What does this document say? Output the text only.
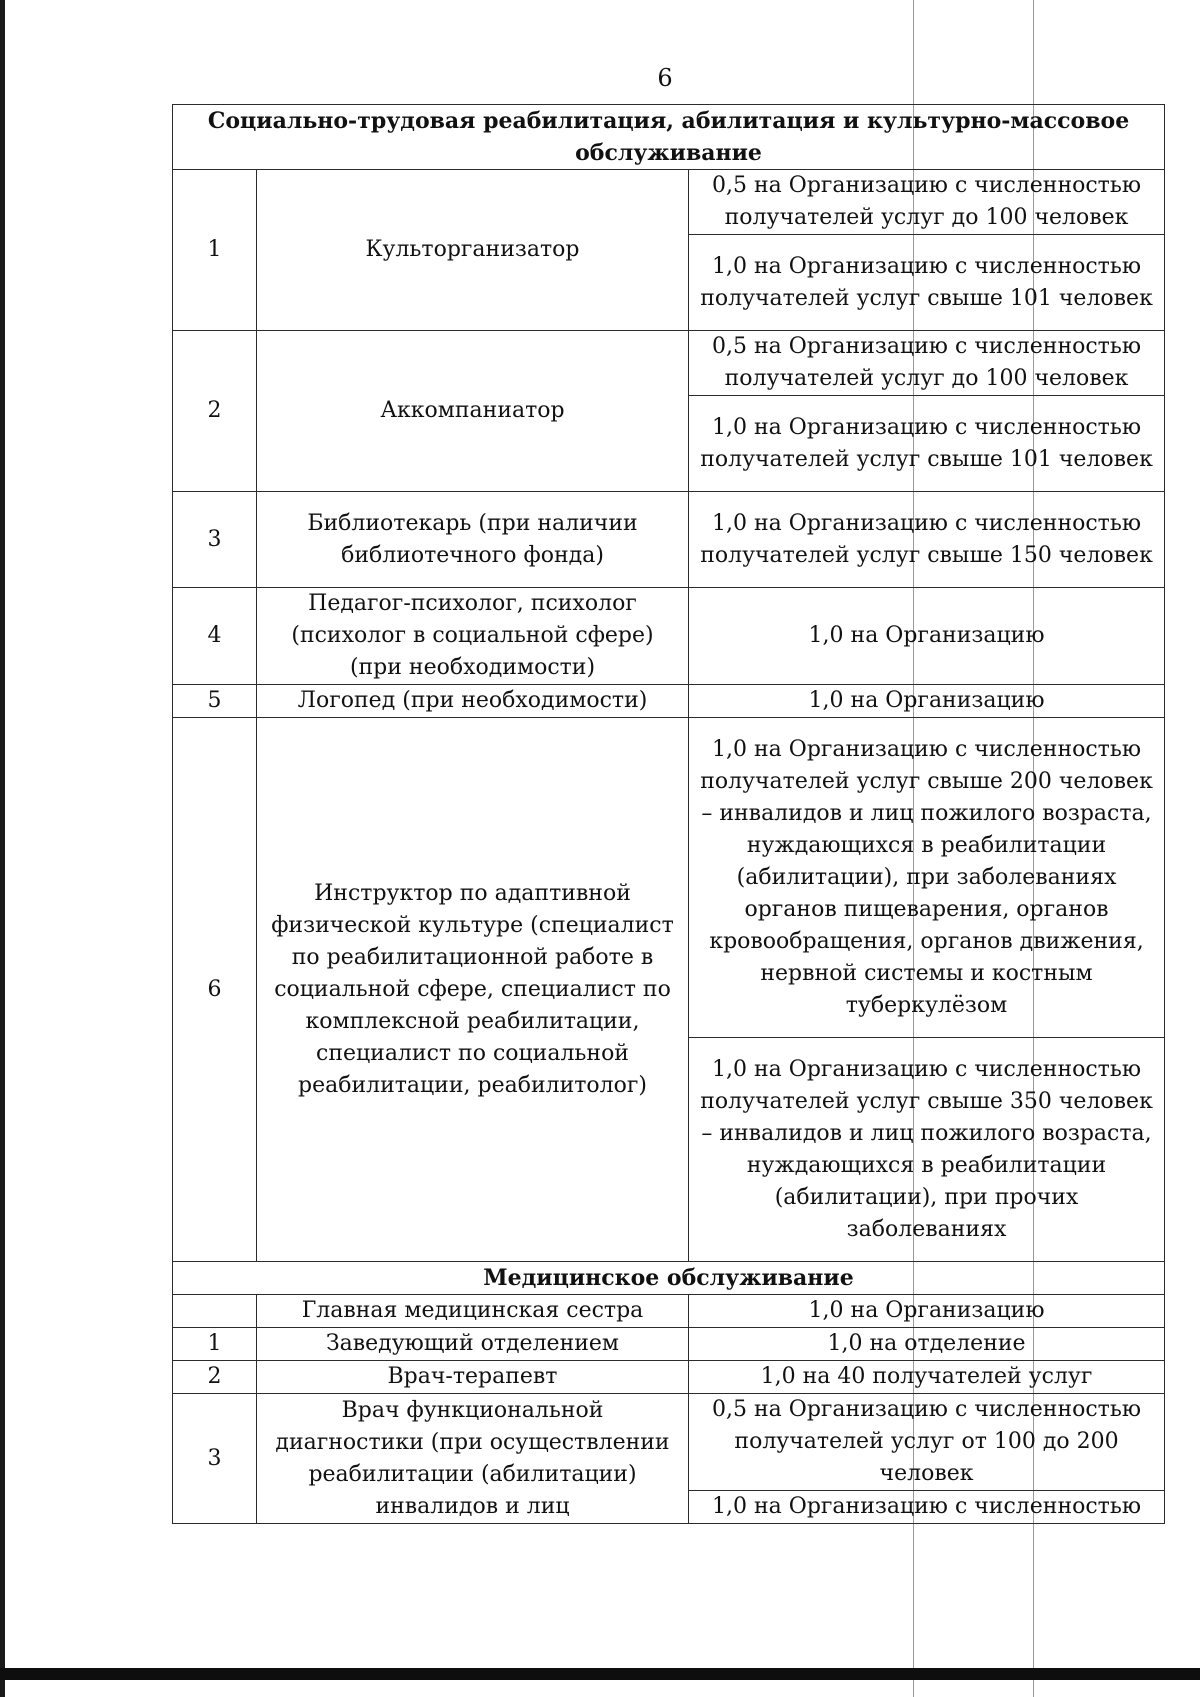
6
Социально-трудовая реабилитация, абилитация и культурно-массовое обслуживание		
1	Культорганизатор	0,5 на Организацию с численностью получателей услуг до 100 человек
		1,0 на Организацию с численностью получателей услуг свыше 101 человек
2	Аккомпаниатор	0,5 на Организацию с численностью получателей услуг до 100 человек
		1,0 на Организацию с численностью получателей услуг свыше 101 человек
3	Библиотекарь (при наличии библиотечного фонда)	1,0 на Организацию с численностью получателей услуг свыше 150 человек
4	Педагог-психолог, психолог (психолог в социальной сфере) (при необходимости)	1,0 на Организацию
5	Логопед (при необходимости)	1,0 на Организацию
6	Инструктор по адаптивной физической культуре (специалист по реабилитационной работе в социальной сфере, специалист по комплексной реабилитации, специалист по социальной реабилитации, реабилитолог)	1,0 на Организацию с численностью получателей услуг свыше 200 человек – инвалидов и лиц пожилого возраста, нуждающихся в реабилитации (абилитации), при заболеваниях органов пищеварения, органов кровообращения, органов движения, нервной системы и костным туберкулёзом
		1,0 на Организацию с численностью получателей услуг свыше 350 человек – инвалидов и лиц пожилого возраста, нуждающихся в реабилитации (абилитации), при прочих заболеваниях
Медицинское обслуживание		
	Главная медицинская сестра	1,0 на Организацию
1	Заведующий отделением	1,0 на отделение
2	Врач-терапевт	1,0 на 40 получателей услуг
3	Врач функциональной диагностики (при осуществлении реабилитации (абилитации) инвалидов и лиц	0,5 на Организацию с численностью получателей услуг от 100 до 200 человек
		1,0 на Организацию с численностью
